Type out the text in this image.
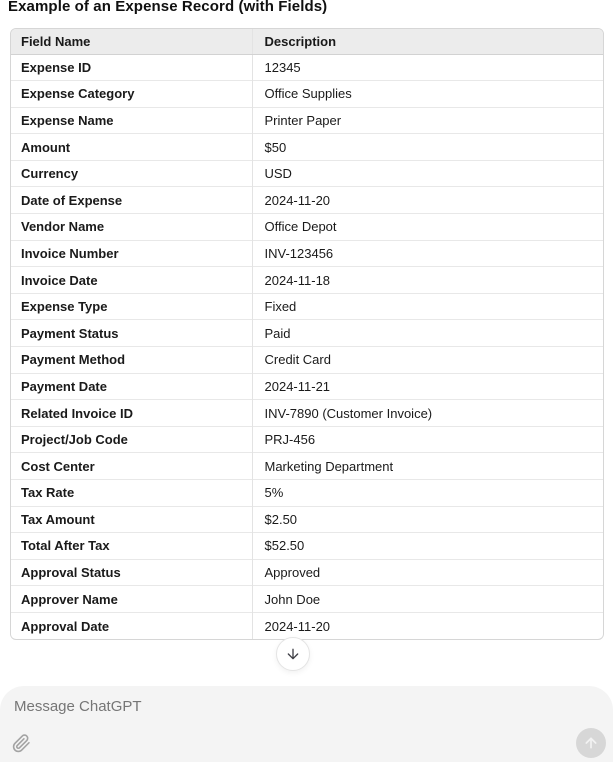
Example of an Expense Record (with Fields)
Field Name	Description
Expense ID	12345
Expense Category	Office Supplies
Expense Name	Printer Paper
Amount	$50
Currency	USD
Date of Expense	2024-11-20
Vendor Name	Office Depot
Invoice Number	INV-123456
Invoice Date	2024-11-18
Expense Type	Fixed
Payment Status	Paid
Payment Method	Credit Card
Payment Date	2024-11-21
Related Invoice ID	INV-7890 (Customer Invoice)
Project/Job Code	PRJ-456
Cost Center	Marketing Department
Tax Rate	5%
Tax Amount	$2.50
Total After Tax	$52.50
Approval Status	Approved
Approver Name	John Doe
Approval Date	2024-11-20
Message ChatGPT
